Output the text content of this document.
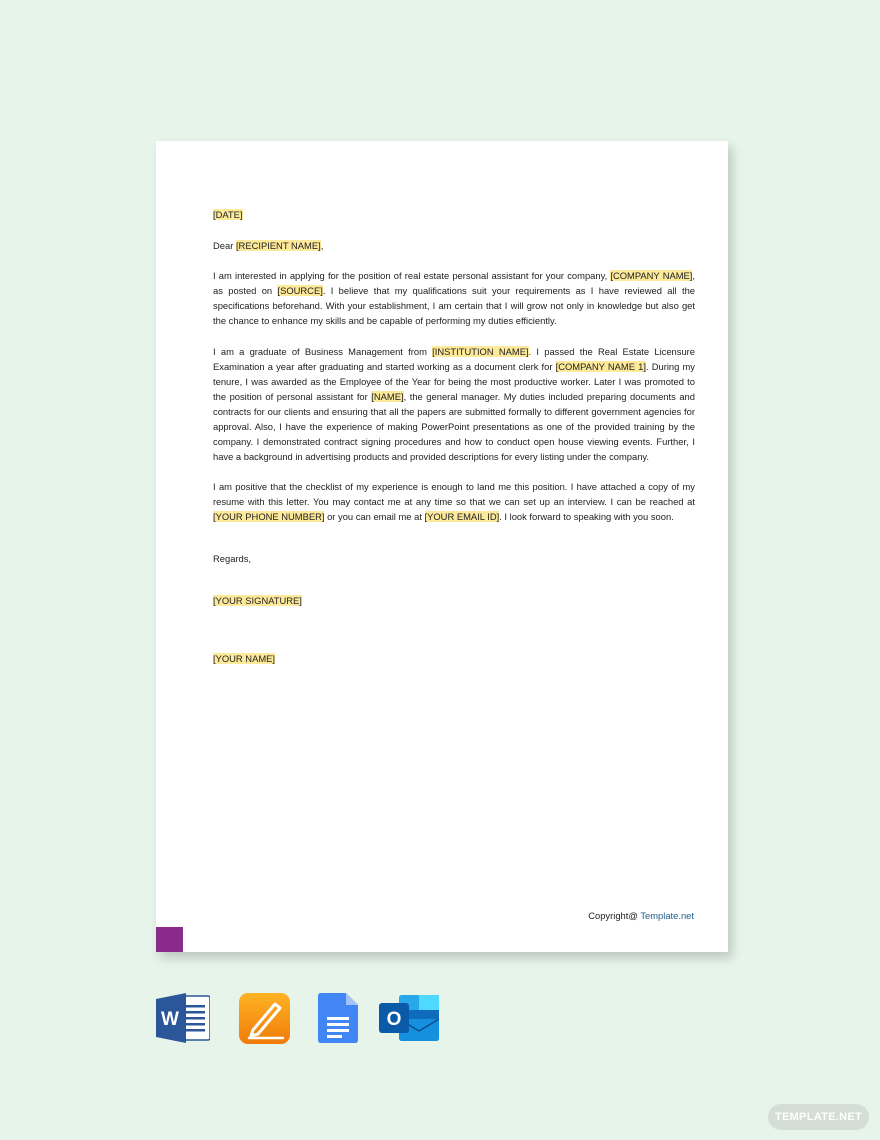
[DATE]

Dear [RECIPIENT NAME],

I am interested in applying for the position of real estate personal assistant for your company, [COMPANY NAME], as posted on [SOURCE]. I believe that my qualifications suit your requirements as I have reviewed all the specifications beforehand. With your establishment, I am certain that I will grow not only in knowledge but also get the chance to enhance my skills and be capable of performing my duties efficiently.

I am a graduate of Business Management from [INSTITUTION NAME]. I passed the Real Estate Licensure Examination a year after graduating and started working as a document clerk for [COMPANY NAME 1]. During my tenure, I was awarded as the Employee of the Year for being the most productive worker. Later I was promoted to the position of personal assistant for [NAME], the general manager. My duties included preparing documents and contracts for our clients and ensuring that all the papers are submitted formally to different government agencies for approval. Also, I have the experience of making PowerPoint presentations as one of the provided training by the company. I demonstrated contract signing procedures and how to conduct open house viewing events. Further, I have a background in advertising products and provided descriptions for every listing under the company.

I am positive that the checklist of my experience is enough to land me this position. I have attached a copy of my resume with this letter. You may contact me at any time so that we can set up an interview. I can be reached at [YOUR PHONE NUMBER] or you can email me at [YOUR EMAIL ID]. I look forward to speaking with you soon.

Regards,

[YOUR SIGNATURE]

[YOUR NAME]

Copyright@ Template.net
W	O
TEMPLATE.NET
